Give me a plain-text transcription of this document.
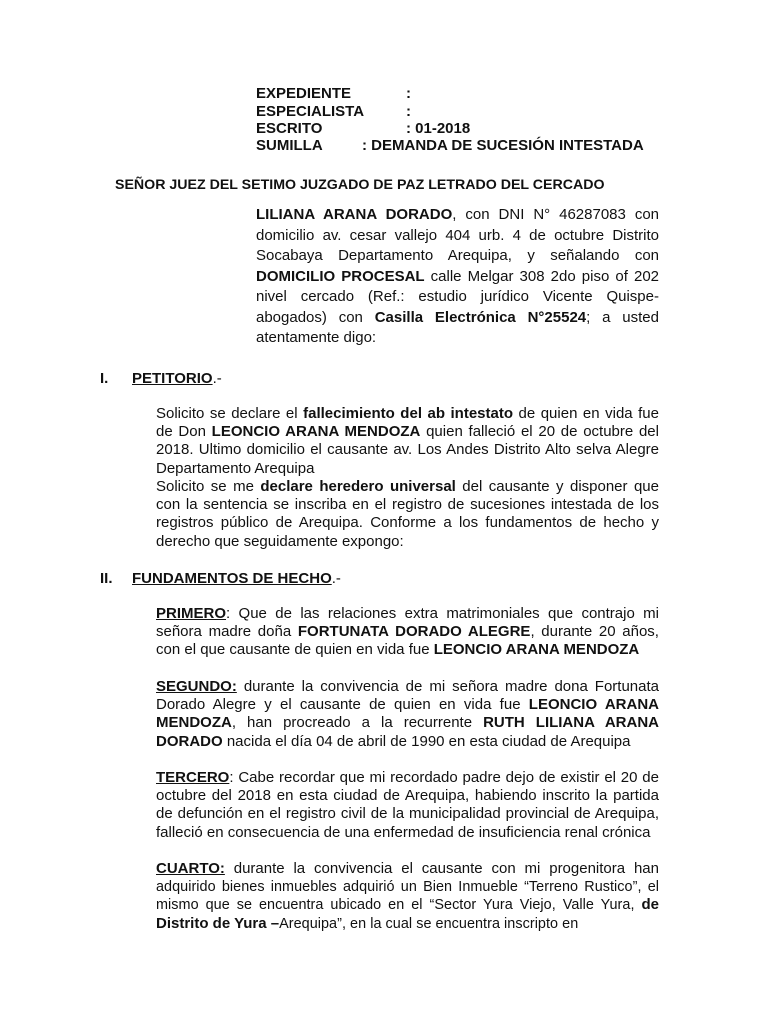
EXPEDIENTE	:
ESPECIALISTA	:
ESCRITO	: 01-2018
SUMILLA	: DEMANDA DE SUCESIÓN INTESTADA
SEÑOR JUEZ DEL SETIMO JUZGADO DE PAZ LETRADO DEL CERCADO
LILIANA ARANA DORADO, con DNI N° 46287083 con domicilio av. cesar vallejo 404 urb. 4 de octubre Distrito Socabaya Departamento Arequipa, y señalando con DOMICILIO PROCESAL calle Melgar 308 2do piso of 202 nivel cercado (Ref.: estudio jurídico Vicente Quispe-abogados) con Casilla Electrónica N°25524; a usted atentamente digo:
I. PETITORIO.-
Solicito se declare el fallecimiento del ab intestato de quien en vida fue de Don LEONCIO ARANA MENDOZA quien falleció el 20 de octubre del 2018. Ultimo domicilio el causante av. Los Andes Distrito Alto selva Alegre Departamento Arequipa
Solicito se me declare heredero universal del causante y disponer que con la sentencia se inscriba en el registro de sucesiones intestada de los registros público de Arequipa. Conforme a los fundamentos de hecho y derecho que seguidamente expongo:
II. FUNDAMENTOS DE HECHO.-
PRIMERO: Que de las relaciones extra matrimoniales que contrajo mi señora madre doña FORTUNATA DORADO ALEGRE, durante 20 años, con el que causante de quien en vida fue LEONCIO ARANA MENDOZA
SEGUNDO: durante la convivencia de mi señora madre dona Fortunata Dorado Alegre y el causante de quien en vida fue LEONCIO ARANA MENDOZA, han procreado a la recurrente RUTH LILIANA ARANA DORADO nacida el día 04 de abril de 1990 en esta ciudad de Arequipa
TERCERO: Cabe recordar que mi recordado padre dejo de existir el 20 de octubre del 2018 en esta ciudad de Arequipa, habiendo inscrito la partida de defunción en el registro civil de la municipalidad provincial de Arequipa, falleció en consecuencia de una enfermedad de insuficiencia renal crónica
CUARTO: durante la convivencia el causante con mi progenitora han adquirido bienes inmuebles adquirió un Bien Inmueble “Terreno Rustico”, el mismo que se encuentra ubicado en el “Sector Yura Viejo, Valle Yura, de Distrito de Yura –Arequipa”, en la cual se encuentra inscripto en
